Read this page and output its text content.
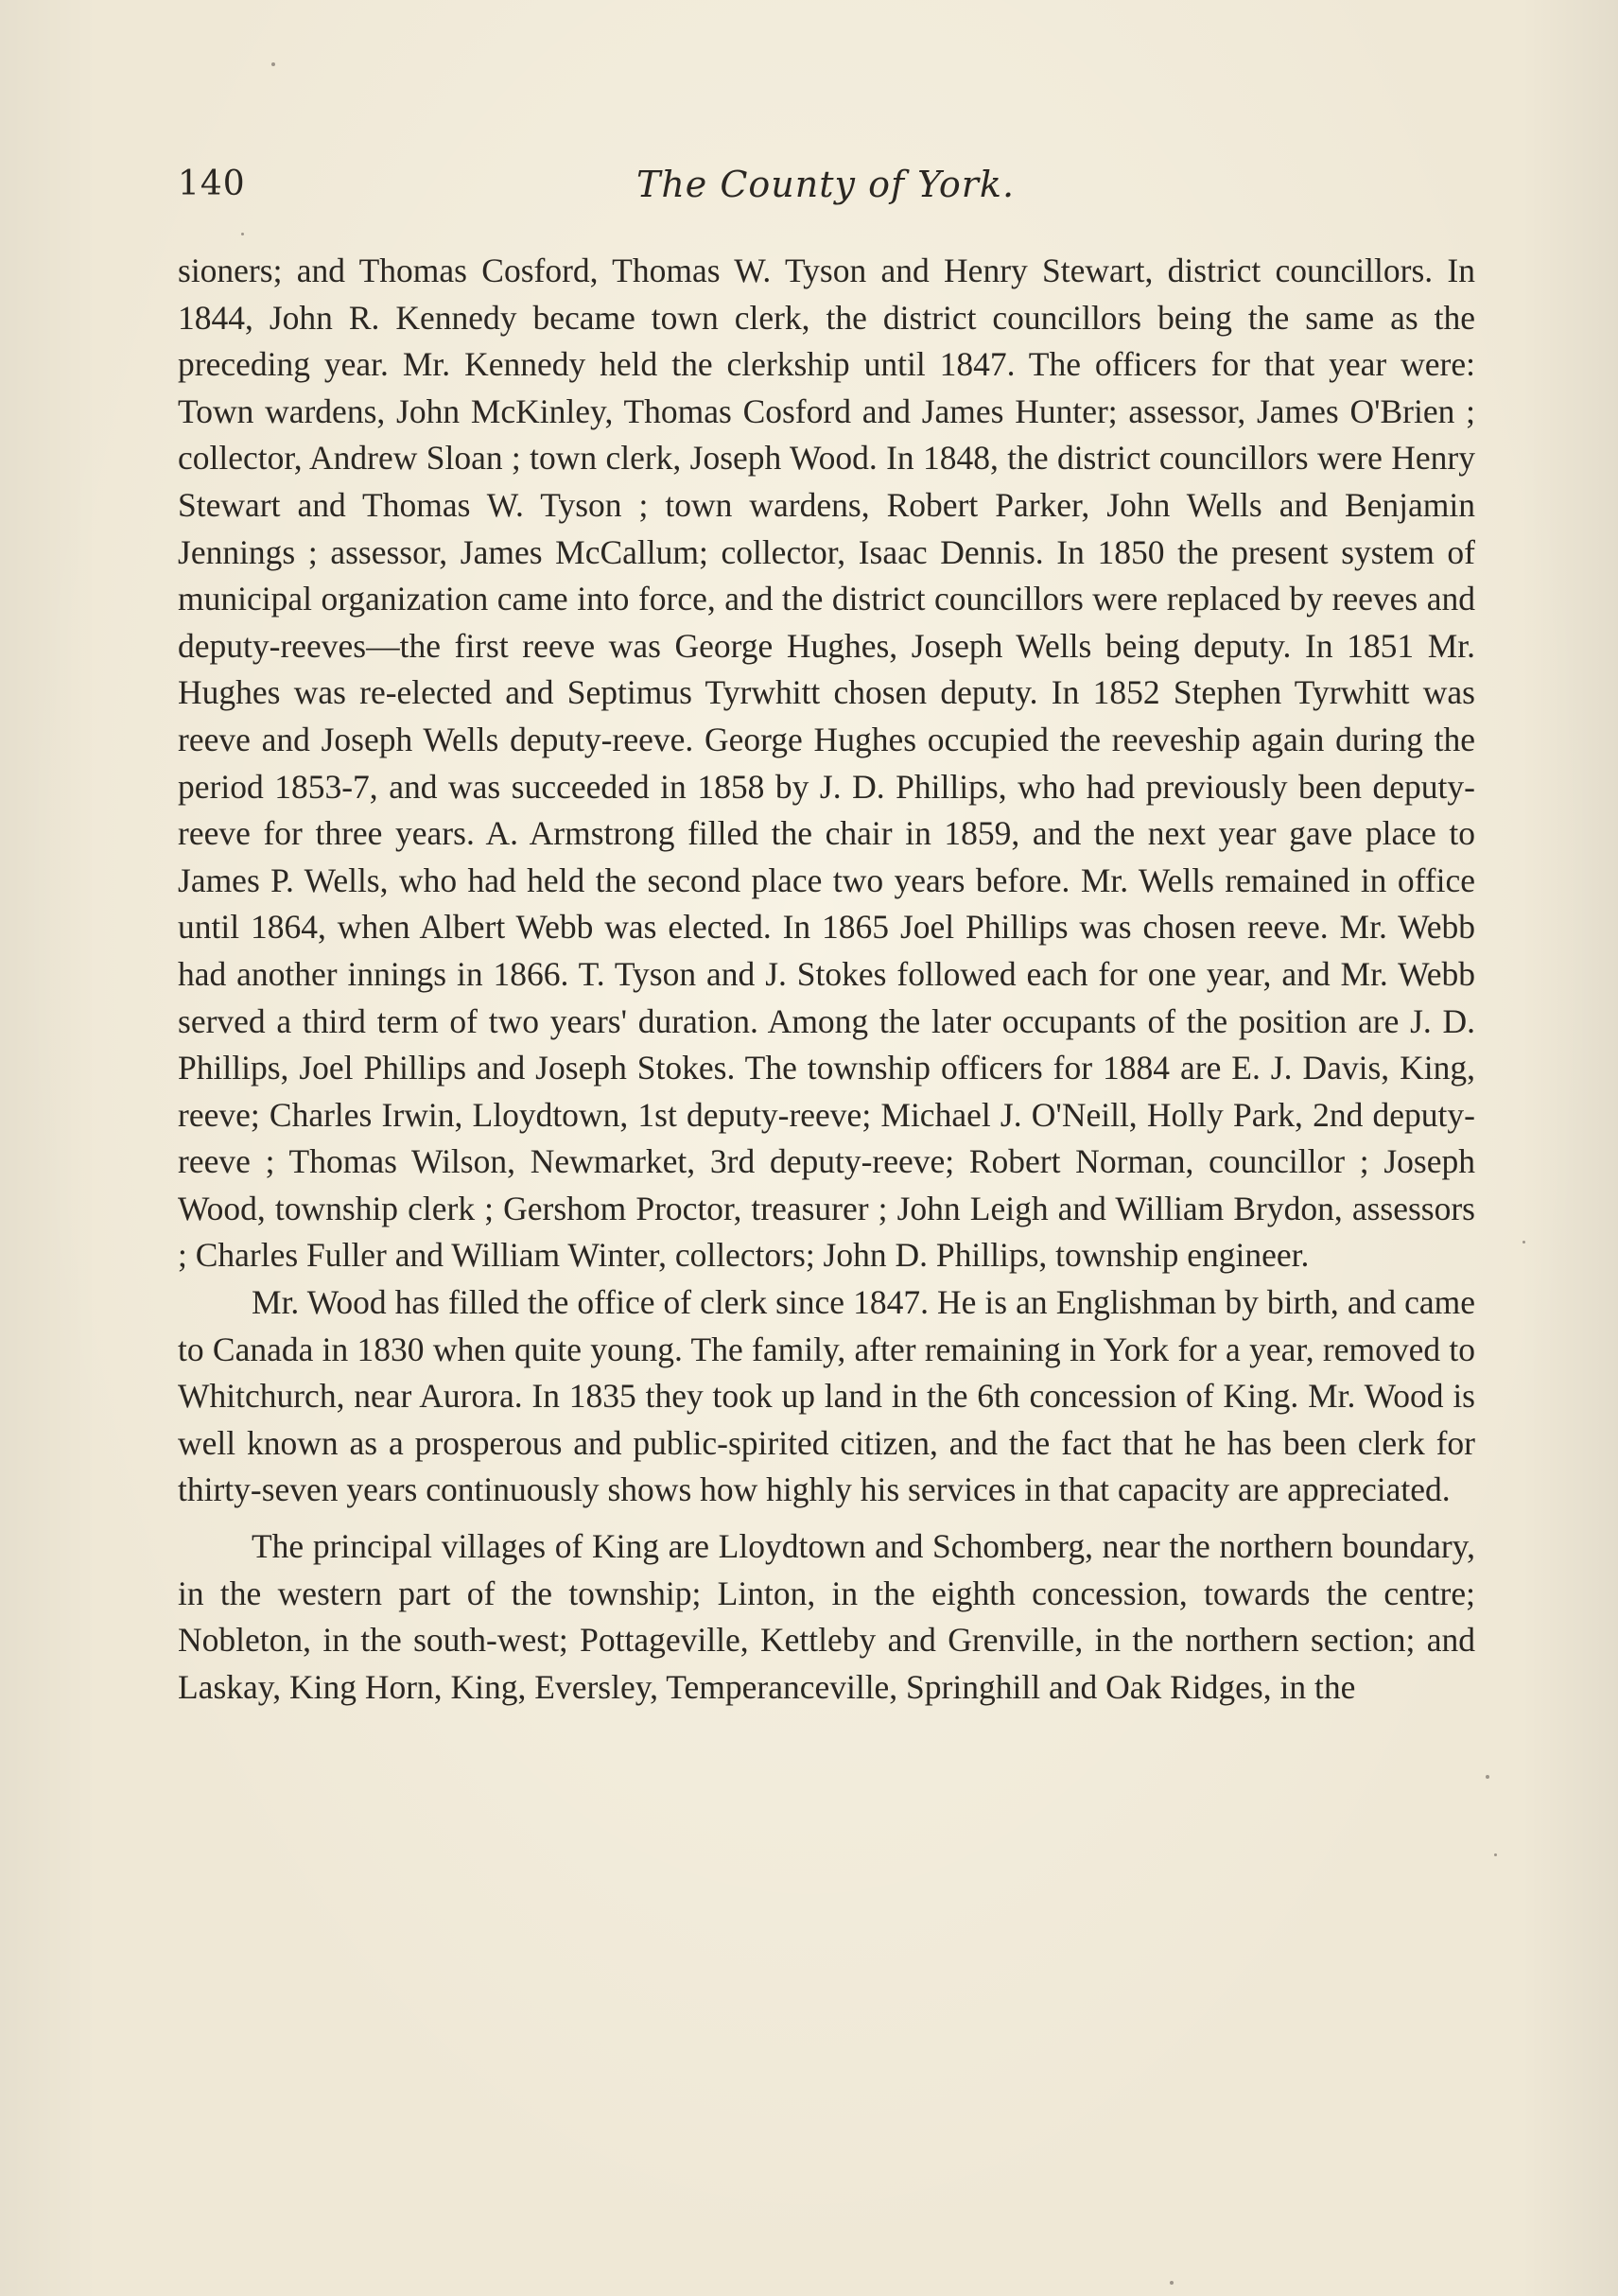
140	The County of York.

sioners; and Thomas Cosford, Thomas W. Tyson and Henry Stewart, district councillors. In 1844, John R. Kennedy became town clerk, the district councillors being the same as the preceding year. Mr. Kennedy held the clerkship until 1847. The officers for that year were: Town wardens, John McKinley, Thomas Cosford and James Hunter; assessor, James O'Brien ; collector, Andrew Sloan ; town clerk, Joseph Wood. In 1848, the district councillors were Henry Stewart and Thomas W. Tyson ; town wardens, Robert Parker, John Wells and Benjamin Jennings ; assessor, James McCallum; collector, Isaac Dennis. In 1850 the present system of municipal organization came into force, and the district councillors were replaced by reeves and deputy-reeves—the first reeve was George Hughes, Joseph Wells being deputy. In 1851 Mr. Hughes was re-elected and Septimus Tyrwhitt chosen deputy. In 1852 Stephen Tyrwhitt was reeve and Joseph Wells deputy-reeve. George Hughes occupied the reeveship again during the period 1853-7, and was succeeded in 1858 by J. D. Phillips, who had previously been deputy-reeve for three years. A. Armstrong filled the chair in 1859, and the next year gave place to James P. Wells, who had held the second place two years before. Mr. Wells remained in office until 1864, when Albert Webb was elected. In 1865 Joel Phillips was chosen reeve. Mr. Webb had another innings in 1866. T. Tyson and J. Stokes followed each for one year, and Mr. Webb served a third term of two years' duration. Among the later occupants of the position are J. D. Phillips, Joel Phillips and Joseph Stokes. The township officers for 1884 are E. J. Davis, King, reeve; Charles Irwin, Lloydtown, 1st deputy-reeve; Michael J. O'Neill, Holly Park, 2nd deputy-reeve ; Thomas Wilson, Newmarket, 3rd deputy-reeve; Robert Norman, councillor ; Joseph Wood, township clerk ; Gershom Proctor, treasurer ; John Leigh and William Brydon, assessors ; Charles Fuller and William Winter, collectors; John D. Phillips, township engineer.

Mr. Wood has filled the office of clerk since 1847. He is an Englishman by birth, and came to Canada in 1830 when quite young. The family, after remaining in York for a year, removed to Whitchurch, near Aurora. In 1835 they took up land in the 6th concession of King. Mr. Wood is well known as a prosperous and public-spirited citizen, and the fact that he has been clerk for thirty-seven years continuously shows how highly his services in that capacity are appreciated.

The principal villages of King are Lloydtown and Schomberg, near the northern boundary, in the western part of the township; Linton, in the eighth concession, towards the centre; Nobleton, in the south-west; Pottageville, Kettleby and Grenville, in the northern section; and Laskay, King Horn, King, Eversley, Temperanceville, Springhill and Oak Ridges, in the
